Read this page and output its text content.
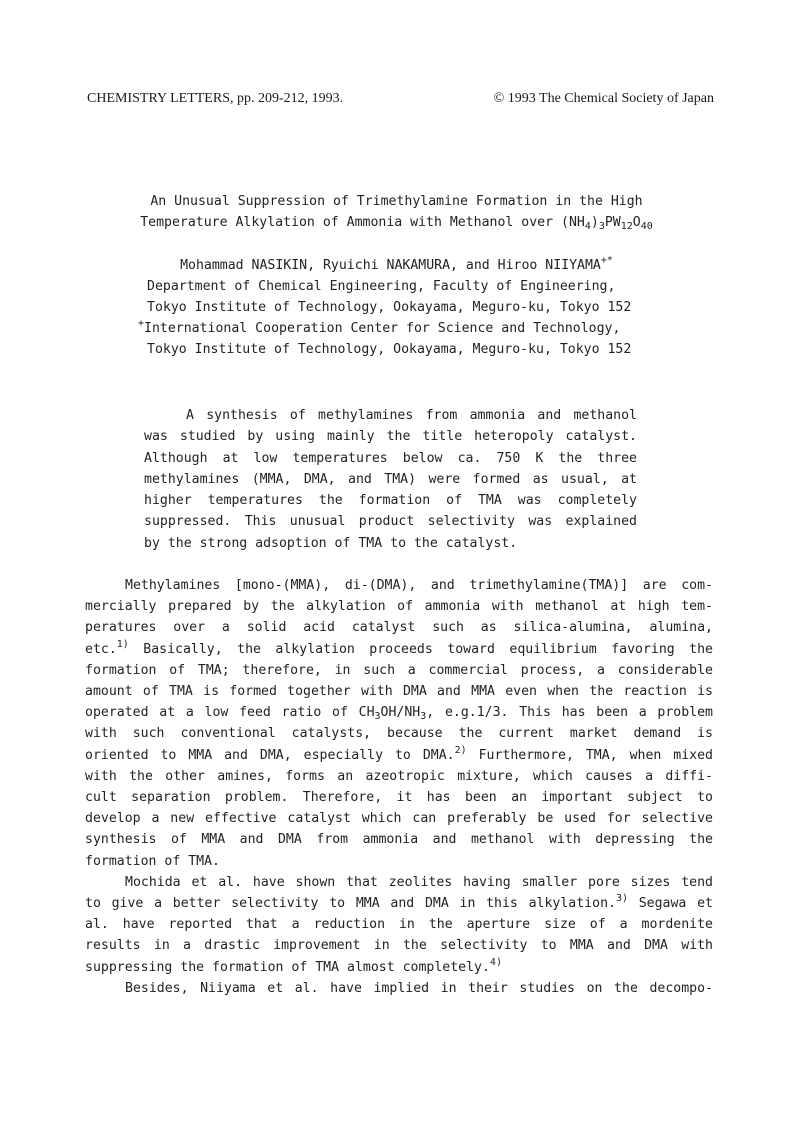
CHEMISTRY LETTERS, pp. 209-212, 1993.	© 1993 The Chemical Society of Japan
An Unusual Suppression of Trimethylamine Formation in the High
Temperature Alkylation of Ammonia with Methanol over $(NH_4)_3PW_{12}O_{40}$
Mohammad NASIKIN, Ryuichi NAKAMURA, and Hiroo NIIYAMA+*
Department of Chemical Engineering, Faculty of Engineering,
Tokyo Institute of Technology, Ookayama, Meguro-ku, Tokyo 152
+International Cooperation Center for Science and Technology,
Tokyo Institute of Technology, Ookayama, Meguro-ku, Tokyo 152
A synthesis of methylamines from ammonia and methanol
was studied by using mainly the title heteropoly catalyst.
Although at low temperatures below ca. 750 K the three
methylamines (MMA, DMA, and TMA) were formed as usual, at
higher temperatures the formation of TMA was completely
suppressed. This unusual product selectivity was explained
by the strong adsoption of TMA to the catalyst.
Methylamines [mono-(MMA), di-(DMA), and trimethylamine(TMA)] are com-
mercially prepared by the alkylation of ammonia with methanol at high tem-
peratures over a solid acid catalyst such as silica-alumina, alumina,
etc.$^{1)}$ Basically, the alkylation proceeds toward equilibrium favoring the
formation of TMA; therefore, in such a commercial process, a considerable
amount of TMA is formed together with DMA and MMA even when the reaction is
operated at a low feed ratio of $CH_3OH/NH_3$, e.g.1/3. This has been a problem
with such conventional catalysts, because the current market demand is
oriented to MMA and DMA, especially to DMA.$^{2)}$ Furthermore, TMA, when mixed
with the other amines, forms an azeotropic mixture, which causes a diffi-
cult separation problem. Therefore, it has been an important subject to
develop a new effective catalyst which can preferably be used for selective
synthesis of MMA and DMA from ammonia and methanol with depressing the
formation of TMA.
Mochida et al. have shown that zeolites having smaller pore sizes tend
to give a better selectivity to MMA and DMA in this alkylation.$^{3)}$ Segawa et
al. have reported that a reduction in the aperture size of a mordenite
results in a drastic improvement in the selectivity to MMA and DMA with
suppressing the formation of TMA almost completely.$^{4)}$
Besides, Niiyama et al. have implied in their studies on the decompo-
